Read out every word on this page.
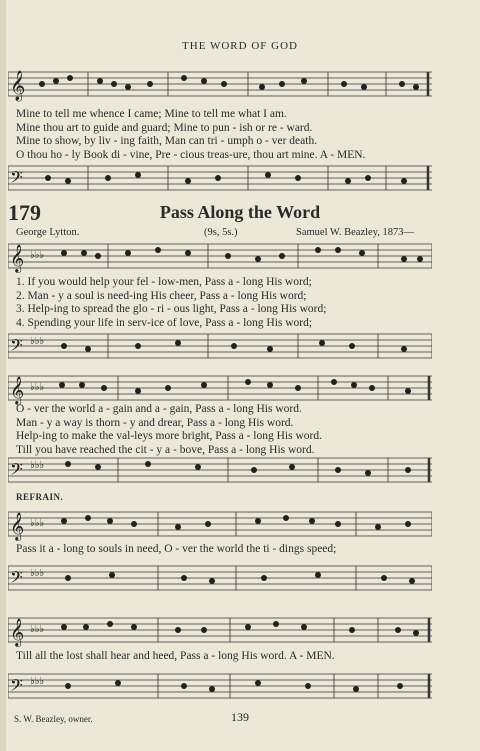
THE WORD OF GOD
𝄞
Mine to tell me whence I came; Mine to tell me what I am.
Mine thou art to guide and guard; Mine to pun - ish or re - ward.
Mine to show, by liv - ing faith, Man can tri - umph o - ver death.
O thou ho - ly Book di - vine, Pre - cious treas-ure, thou art mine. A - MEN.
𝄢
179	Pass Along the Word
George Lytton.	(9s, 5s.)	Samuel W. Beazley, 1873—
𝄞 ♭♭♭
1. If you would help your fel - low-men, Pass a - long His word;
2. Man - y a soul is need-ing His cheer, Pass a - long His word;
3. Help-ing to spread the glo - ri - ous light, Pass a - long His word;
4. Spending your life in serv-ice of love, Pass a - long His word;
𝄢 ♭♭♭
𝄞 ♭♭♭
O - ver the world a - gain and a - gain, Pass a - long His word.
Man - y a way is thorn - y and drear, Pass a - long His word.
Help-ing to make the val-leys more bright, Pass a - long His word.
Till you have reached the cit - y a - bove, Pass a - long His word.
𝄢 ♭♭♭
REFRAIN.
𝄞 ♭♭♭
Pass it a - long to souls in need, O - ver the world the ti - dings speed;
𝄢 ♭♭♭
𝄞 ♭♭♭
Till all the lost shall hear and heed, Pass a - long His word. A - MEN.
𝄢 ♭♭♭
S. W. Beazley, owner.	139
